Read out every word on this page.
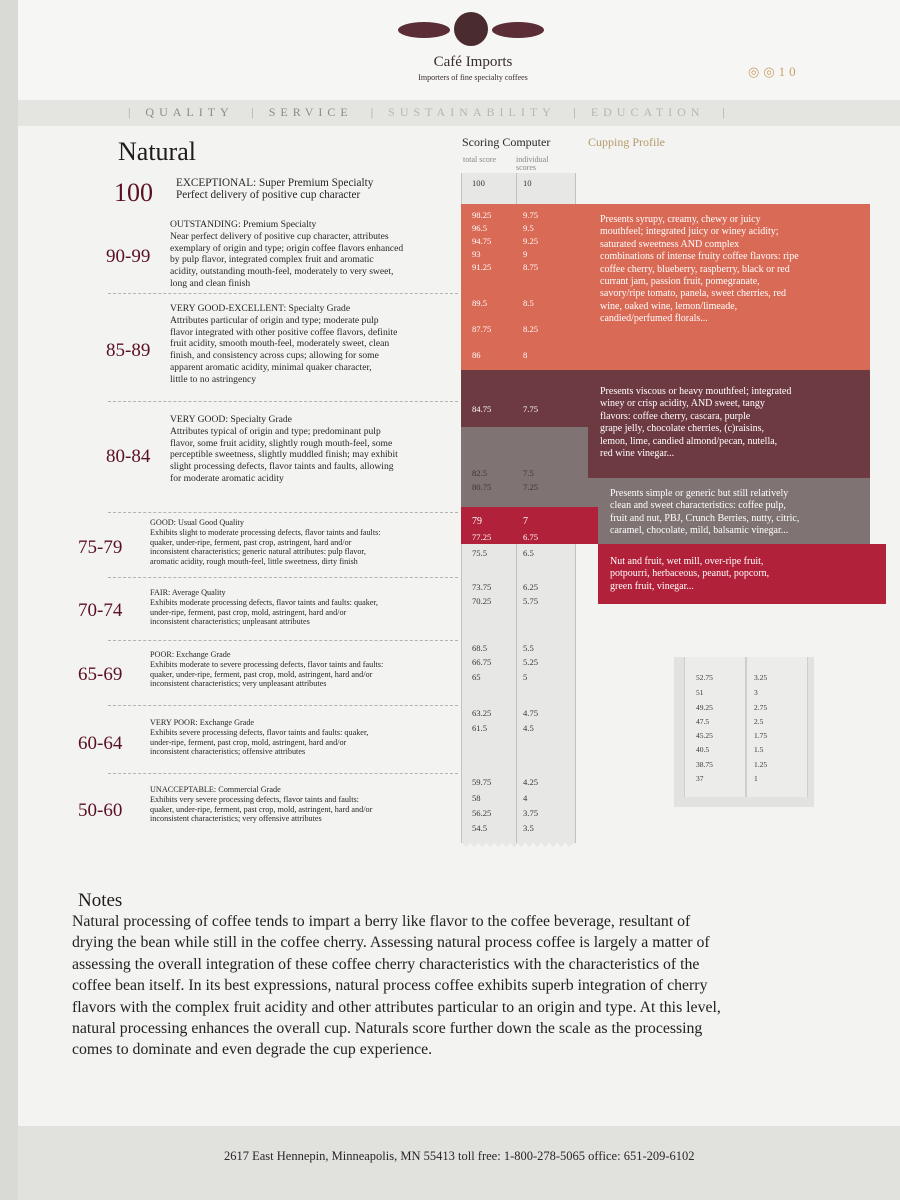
Café Imports
Importers of fine specialty coffees	◎◎10
| QUALITY | SERVICE | SUSTAINABILITY | EDUCATION |
Natural	Scoring Computer	Cupping Profile
total score	individual scores
100 EXCEPTIONAL: Super Premium Specialty
Perfect delivery of positive cup character
90-99
OUTSTANDING: Premium Specialty
Near perfect delivery of positive cup character, attributes
exemplary of origin and type; origin coffee flavors enhanced
by pulp flavor, integrated complex fruit and aromatic
acidity, outstanding mouth-feel, moderately to very sweet,
long and clean finish
85-89
VERY GOOD-EXCELLENT: Specialty Grade
Attributes particular of origin and type; moderate pulp
flavor integrated with other positive coffee flavors, definite
fruit acidity, smooth mouth-feel, moderately sweet, clean
finish, and consistency across cups; allowing for some
apparent aromatic acidity, minimal quaker character,
little to no astringency
80-84
VERY GOOD: Specialty Grade
Attributes typical of origin and type; predominant pulp
flavor, some fruit acidity, slightly rough mouth-feel, some
perceptible sweetness, slightly muddled finish; may exhibit
slight processing defects, flavor taints and faults, allowing
for moderate aromatic acidity
75-79
GOOD: Usual Good Quality
Exhibits slight to moderate processing defects, flavor taints and faults:
quaker, under-ripe, ferment, past crop, astringent, hard and/or
inconsistent characteristics; generic natural attributes: pulp flavor,
aromatic acidity, rough mouth-feel, little sweetness, dirty finish
70-74
FAIR: Average Quality
Exhibits moderate processing defects, flavor taints and faults: quaker,
under-ripe, ferment, past crop, mold, astringent, hard and/or
inconsistent characteristics; unpleasant attributes
65-69
POOR: Exchange Grade
Exhibits moderate to severe processing defects, flavor taints and faults:
quaker, under-ripe, ferment, past crop, mold, astringent, hard and/or
inconsistent characteristics; very unpleasant attributes
60-64
VERY POOR: Exchange Grade
Exhibits severe processing defects, flavor taints and faults: quaker,
under-ripe, ferment, past crop, mold, astringent, hard and/or
inconsistent characteristics; offensive attributes
50-60
UNACCEPTABLE: Commercial Grade
Exhibits very severe processing defects, flavor taints and faults:
quaker, under-ripe, ferment, past crop, mold, astringent, hard and/or
inconsistent characteristics; very offensive attributes
Presents syrupy, creamy, chewy or juicy
mouthfeel; integrated juicy or winey acidity;
saturated sweetness AND complex
combinations of intense fruity coffee flavors: ripe
coffee cherry, blueberry, raspberry, black or red
currant jam, passion fruit, pomegranate,
savory/ripe tomato, panela, sweet cherries, red
wine, oaked wine, lemon/limeade,
candied/perfumed florals...
Presents viscous or heavy mouthfeel; integrated
winey or crisp acidity, AND sweet, tangy
flavors: coffee cherry, cascara, purple
grape jelly, chocolate cherries, (c)raisins,
lemon, lime, candied almond/pecan, nutella,
red wine vinegar...
Presents simple or generic but still relatively
clean and sweet characteristics: coffee pulp,
fruit and nut, PBJ, Crunch Berries, nutty, citric,
caramel, chocolate, mild, balsamic vinegar...
Nut and fruit, wet mill, over-ripe fruit,
potpourri, herbaceous, peanut, popcorn,
green fruit, vinegar...
100	10
98.25	9.75
96.5	9.5
94.75	9.25
93	9
91.25	8.75
89.5	8.5
87.75	8.25
86	8
84.75	7.75
82.5	7.5
80.75	7.25
79	7
77.25	6.75
75.5	6.5
73.75	6.25
70.25	5.75
68.5	5.5
66.75	5.25
65	5
63.25	4.75
61.5	4.5
59.75	4.25
58	4
56.25	3.75
54.5	3.5
52.75	3.25
51	3
49.25	2.75
47.5	2.5
45.25	1.75
40.5	1.5
38.75	1.25
37	1
Notes
Natural processing of coffee tends to impart a berry like flavor to the coffee beverage, resultant of
drying the bean while still in the coffee cherry. Assessing natural process coffee is largely a matter of
assessing the overall integration of these coffee cherry characteristics with the characteristics of the
coffee bean itself. In its best expressions, natural process coffee exhibits superb integration of cherry
flavors with the complex fruit acidity and other attributes particular to an origin and type. At this level,
natural processing enhances the overall cup. Naturals score further down the scale as the processing
comes to dominate and even degrade the cup experience.
2617 East Hennepin, Minneapolis, MN 55413 toll free: 1-800-278-5065 office: 651-209-6102
